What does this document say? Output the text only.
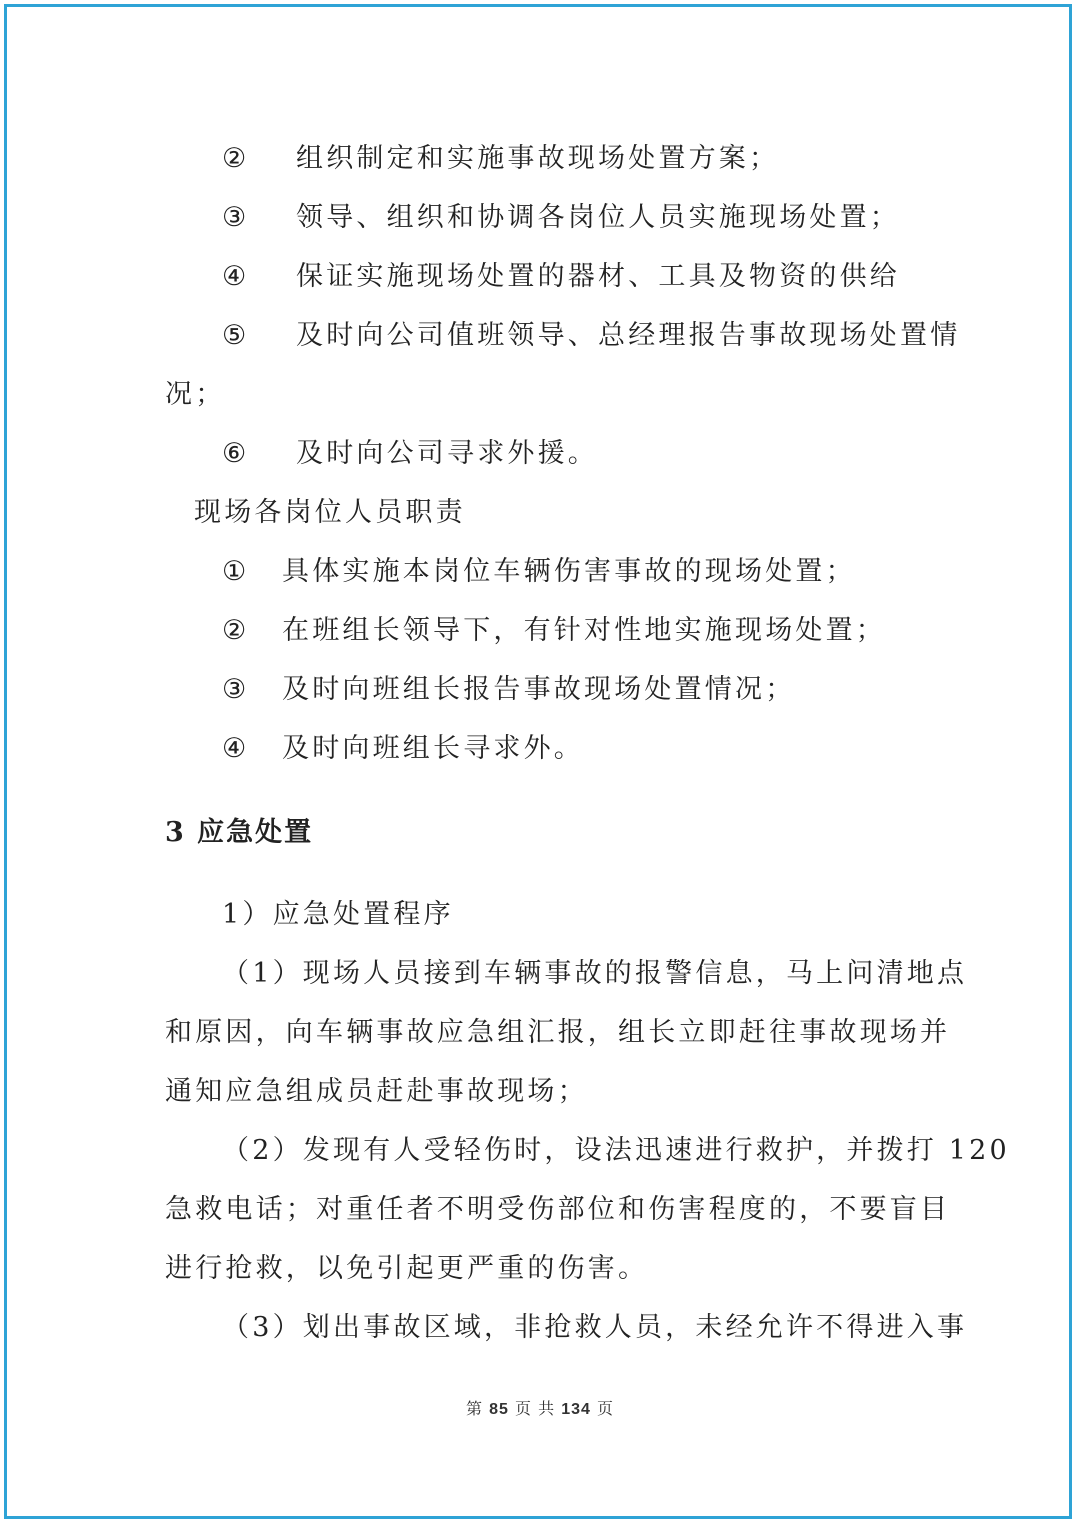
② 组织制定和实施事故现场处置方案；
③ 领导、组织和协调各岗位人员实施现场处置；
④ 保证实施现场处置的器材、工具及物资的供给
⑤ 及时向公司值班领导、总经理报告事故现场处置情
况；
⑥ 及时向公司寻求外援。
现场各岗位人员职责
① 具体实施本岗位车辆伤害事故的现场处置；
② 在班组长领导下，有针对性地实施现场处置；
③ 及时向班组长报告事故现场处置情况；
④ 及时向班组长寻求外。
3 应急处置
1）应急处置程序
（1）现场人员接到车辆事故的报警信息，马上问清地点
和原因，向车辆事故应急组汇报，组长立即赶往事故现场并
通知应急组成员赶赴事故现场；
（2）发现有人受轻伤时，设法迅速进行救护，并拨打 120
急救电话；对重任者不明受伤部位和伤害程度的，不要盲目
进行抢救，以免引起更严重的伤害。
（3）划出事故区域，非抢救人员，未经允许不得进入事
第 85 页 共 134 页
